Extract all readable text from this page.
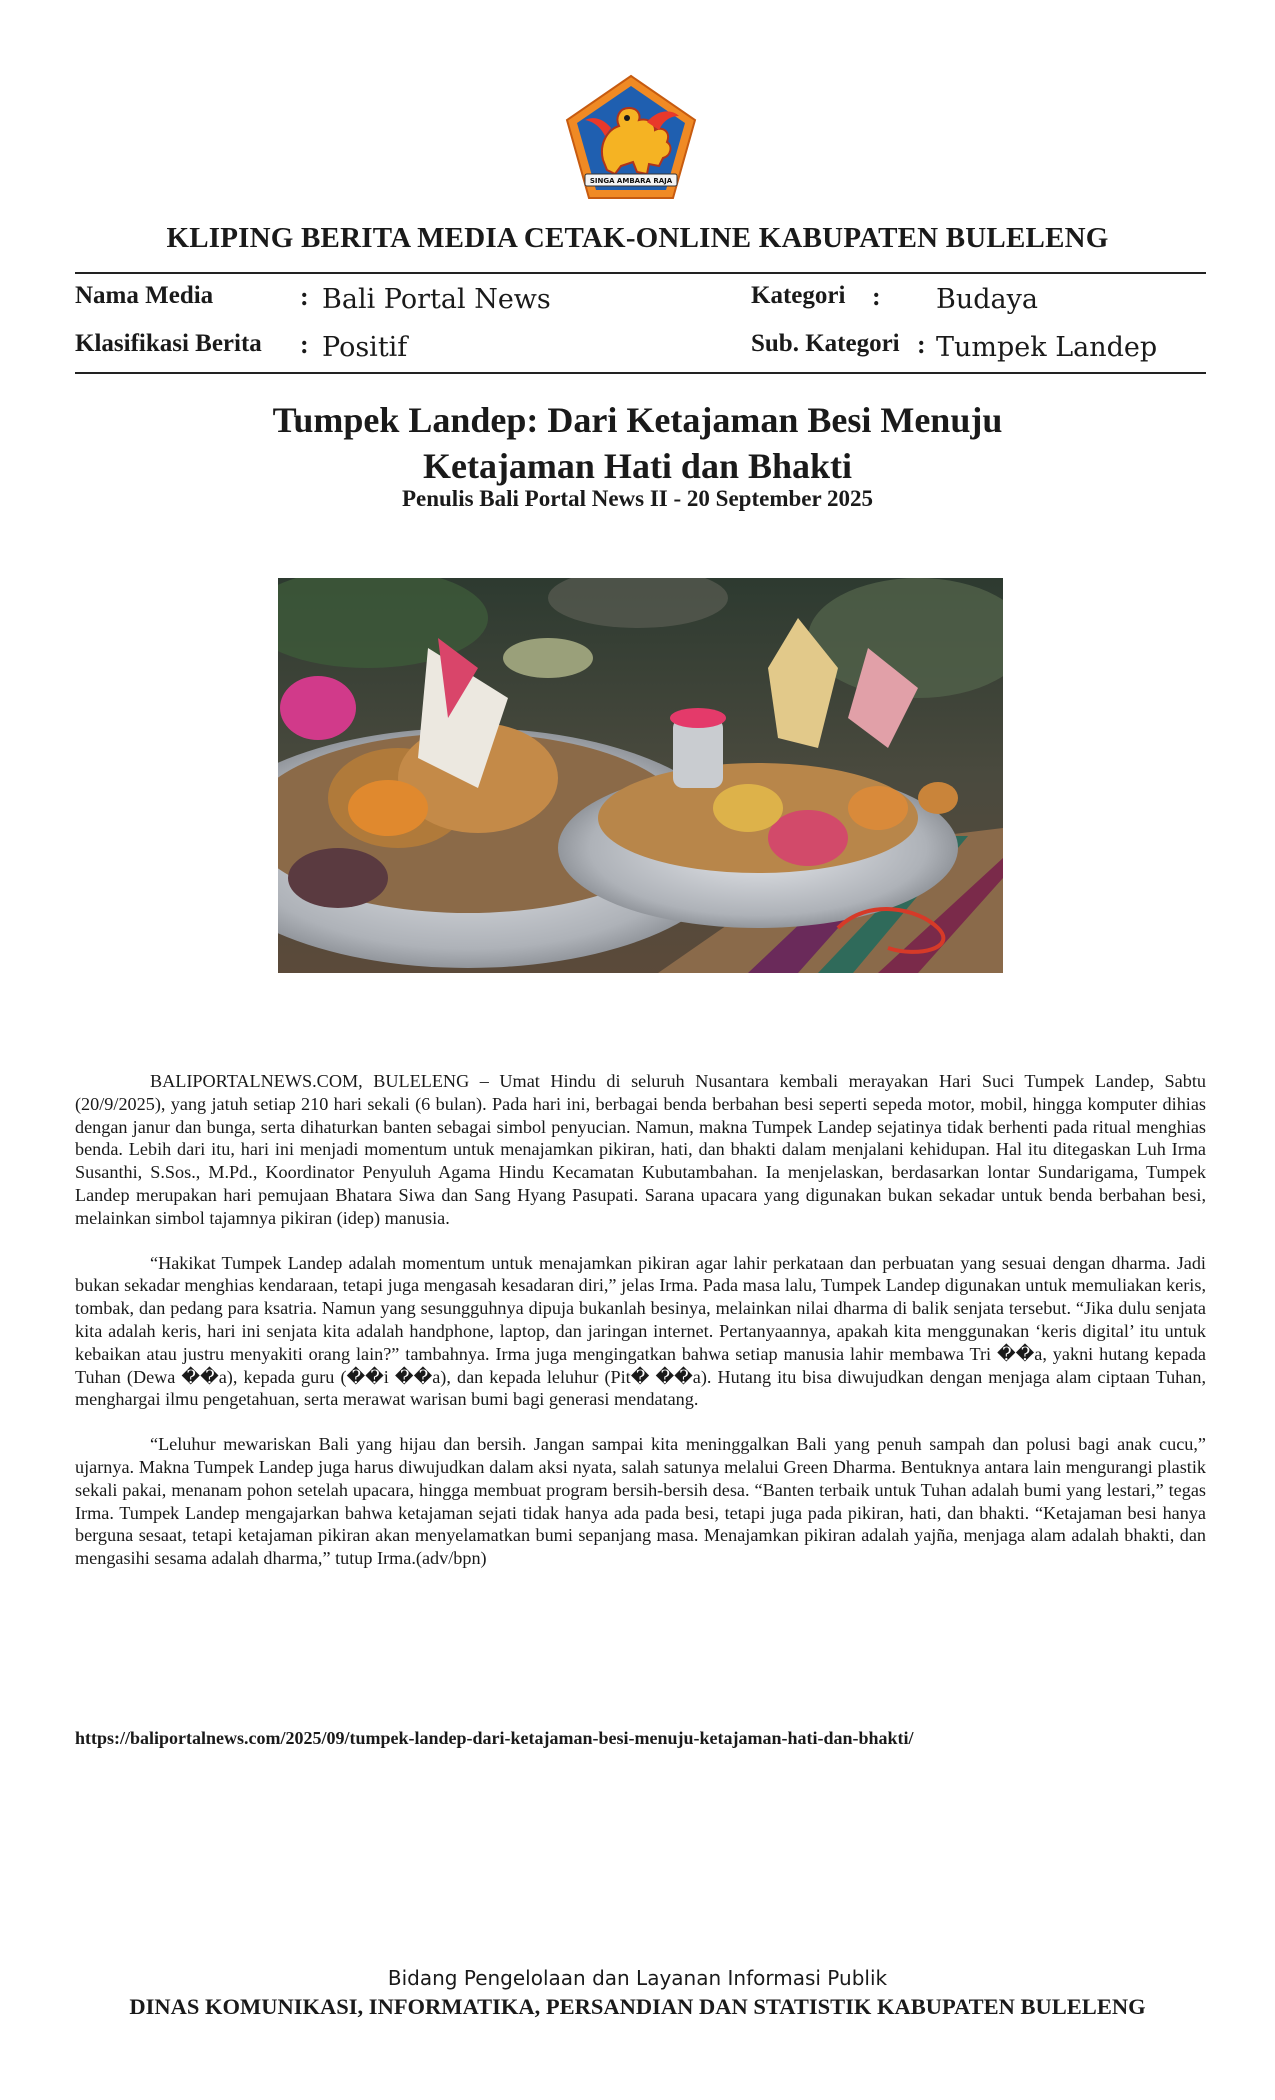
SINGA AMBARA RAJA
KLIPING BERITA MEDIA CETAK-ONLINE KABUPATEN BULELENG
Nama Media	: Bali Portal News	Kategori : Budaya
Klasifikasi Berita : Positif	Sub. Kategori : Tumpek Landep
Tumpek Landep: Dari Ketajaman Besi Menuju
Ketajaman Hati dan Bhakti
Penulis Bali Portal News II - 20 September 2025

BALIPORTALNEWS.COM, BULELENG – Umat Hindu di seluruh Nusantara kembali merayakan Hari Suci Tumpek Landep, Sabtu (20/9/2025), yang jatuh setiap 210 hari sekali (6 bulan). Pada hari ini, berbagai benda berbahan besi seperti sepeda motor, mobil, hingga komputer dihias dengan janur dan bunga, serta dihaturkan banten sebagai simbol penyucian. Namun, makna Tumpek Landep sejatinya tidak berhenti pada ritual menghias benda. Lebih dari itu, hari ini menjadi momentum untuk menajamkan pikiran, hati, dan bhakti dalam menjalani kehidupan. Hal itu ditegaskan Luh Irma Susanthi, S.Sos., M.Pd., Koordinator Penyuluh Agama Hindu Kecamatan Kubutambahan. Ia menjelaskan, berdasarkan lontar Sundarigama, Tumpek Landep merupakan hari pemujaan Bhatara Siwa dan Sang Hyang Pasupati. Sarana upacara yang digunakan bukan sekadar untuk benda berbahan besi, melainkan simbol tajamnya pikiran (idep) manusia.

“Hakikat Tumpek Landep adalah momentum untuk menajamkan pikiran agar lahir perkataan dan perbuatan yang sesuai dengan dharma. Jadi bukan sekadar menghias kendaraan, tetapi juga mengasah kesadaran diri,” jelas Irma. Pada masa lalu, Tumpek Landep digunakan untuk memuliakan keris, tombak, dan pedang para ksatria. Namun yang sesungguhnya dipuja bukanlah besinya, melainkan nilai dharma di balik senjata tersebut. “Jika dulu senjata kita adalah keris, hari ini senjata kita adalah handphone, laptop, dan jaringan internet. Pertanyaannya, apakah kita menggunakan ‘keris digital’ itu untuk kebaikan atau justru menyakiti orang lain?” tambahnya. Irma juga mengingatkan bahwa setiap manusia lahir membawa Tri ��a, yakni hutang kepada Tuhan (Dewa ��a), kepada guru (��i ��a), dan kepada leluhur (Pit� ��a). Hutang itu bisa diwujudkan dengan menjaga alam ciptaan Tuhan, menghargai ilmu pengetahuan, serta merawat warisan bumi bagi generasi mendatang.

“Leluhur mewariskan Bali yang hijau dan bersih. Jangan sampai kita meninggalkan Bali yang penuh sampah dan polusi bagi anak cucu,” ujarnya. Makna Tumpek Landep juga harus diwujudkan dalam aksi nyata, salah satunya melalui Green Dharma. Bentuknya antara lain mengurangi plastik sekali pakai, menanam pohon setelah upacara, hingga membuat program bersih-bersih desa. “Banten terbaik untuk Tuhan adalah bumi yang lestari,” tegas Irma. Tumpek Landep mengajarkan bahwa ketajaman sejati tidak hanya ada pada besi, tetapi juga pada pikiran, hati, dan bhakti. “Ketajaman besi hanya berguna sesaat, tetapi ketajaman pikiran akan menyelamatkan bumi sepanjang masa. Menajamkan pikiran adalah yajña, menjaga alam adalah bhakti, dan mengasihi sesama adalah dharma,” tutup Irma.(adv/bpn)

https://baliportalnews.com/2025/09/tumpek-landep-dari-ketajaman-besi-menuju-ketajaman-hati-dan-bhakti/
Bidang Pengelolaan dan Layanan Informasi Publik
DINAS KOMUNIKASI, INFORMATIKA, PERSANDIAN DAN STATISTIK KABUPATEN BULELENG
